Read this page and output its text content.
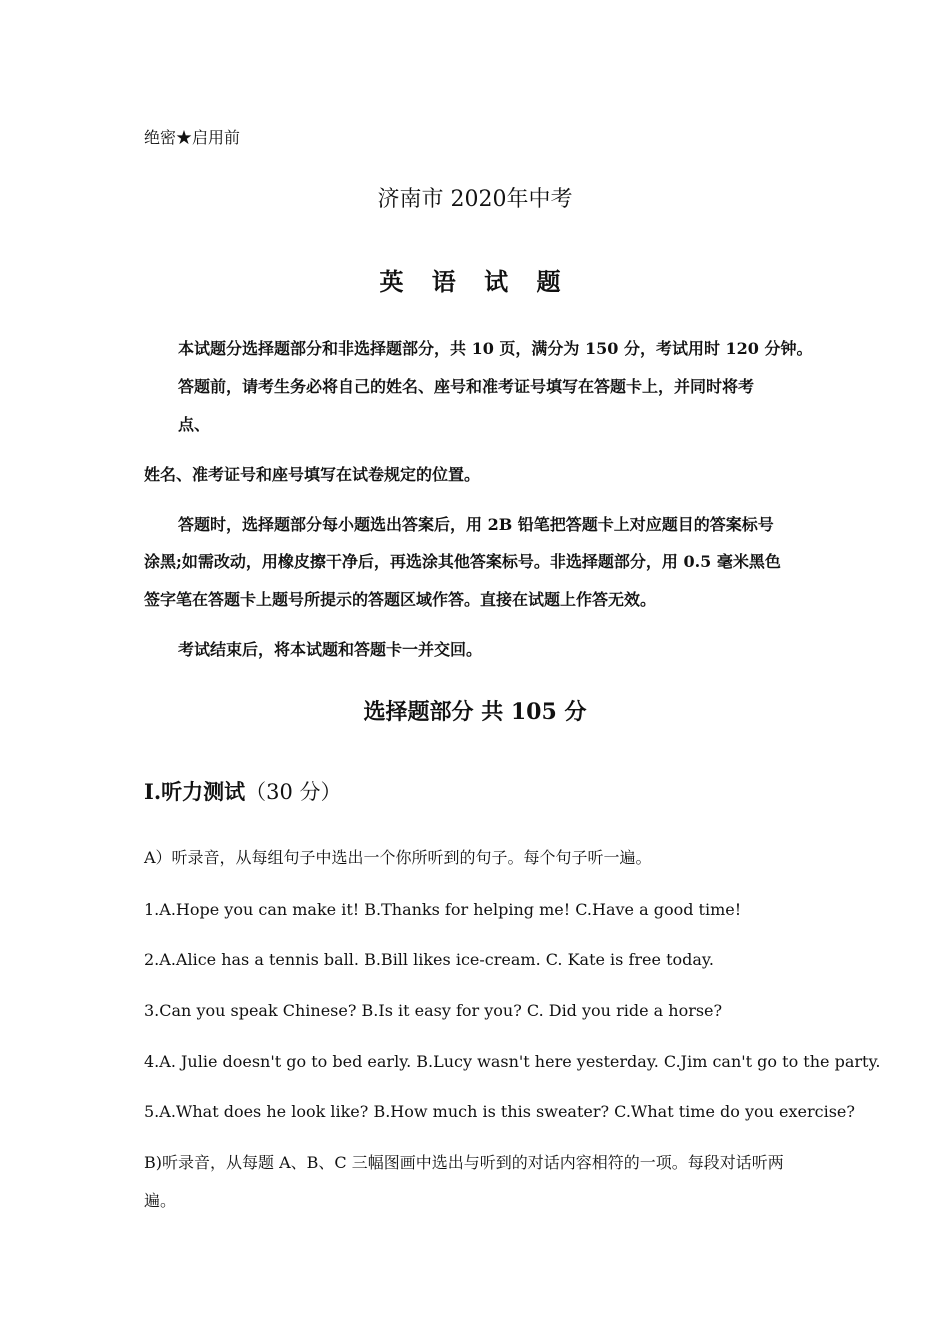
绝密★启用前
济南市 2020年中考
英 语 试 题
本试题分选择题部分和非选择题部分，共 10 页，满分为 150 分，考试用时 120 分钟。
答题前，请考生务必将自己的姓名、座号和准考证号填写在答题卡上，并同时将考
点、
姓名、准考证号和座号填写在试卷规定的位置。
答题时，选择题部分每小题选出答案后，用 2B 铅笔把答题卡上对应题目的答案标号
涂黑;如需改动，用橡皮擦干净后，再选涂其他答案标号。非选择题部分，用 0.5 毫米黑色
签字笔在答题卡上题号所提示的答题区域作答。直接在试题上作答无效。
考试结束后，将本试题和答题卡一并交回。
选择题部分 共 105 分
I.听力测试（30 分）
A）听录音，从每组句子中选出一个你所听到的句子。每个句子听一遍。
1.A.Hope you can make it! B.Thanks for helping me! C.Have a good time!
2.A.Alice has a tennis ball. B.Bill likes ice-cream. C. Kate is free today.
3.Can you speak Chinese? B.Is it easy for you? C. Did you ride a horse?
4.A. Julie doesn't go to bed early. B.Lucy wasn't here yesterday. C.Jim can't go to the party.
5.A.What does he look like? B.How much is this sweater? C.What time do you exercise?
B)听录音，从每题 A、B、C 三幅图画中选出与听到的对话内容相符的一项。每段对话听两
遍。
